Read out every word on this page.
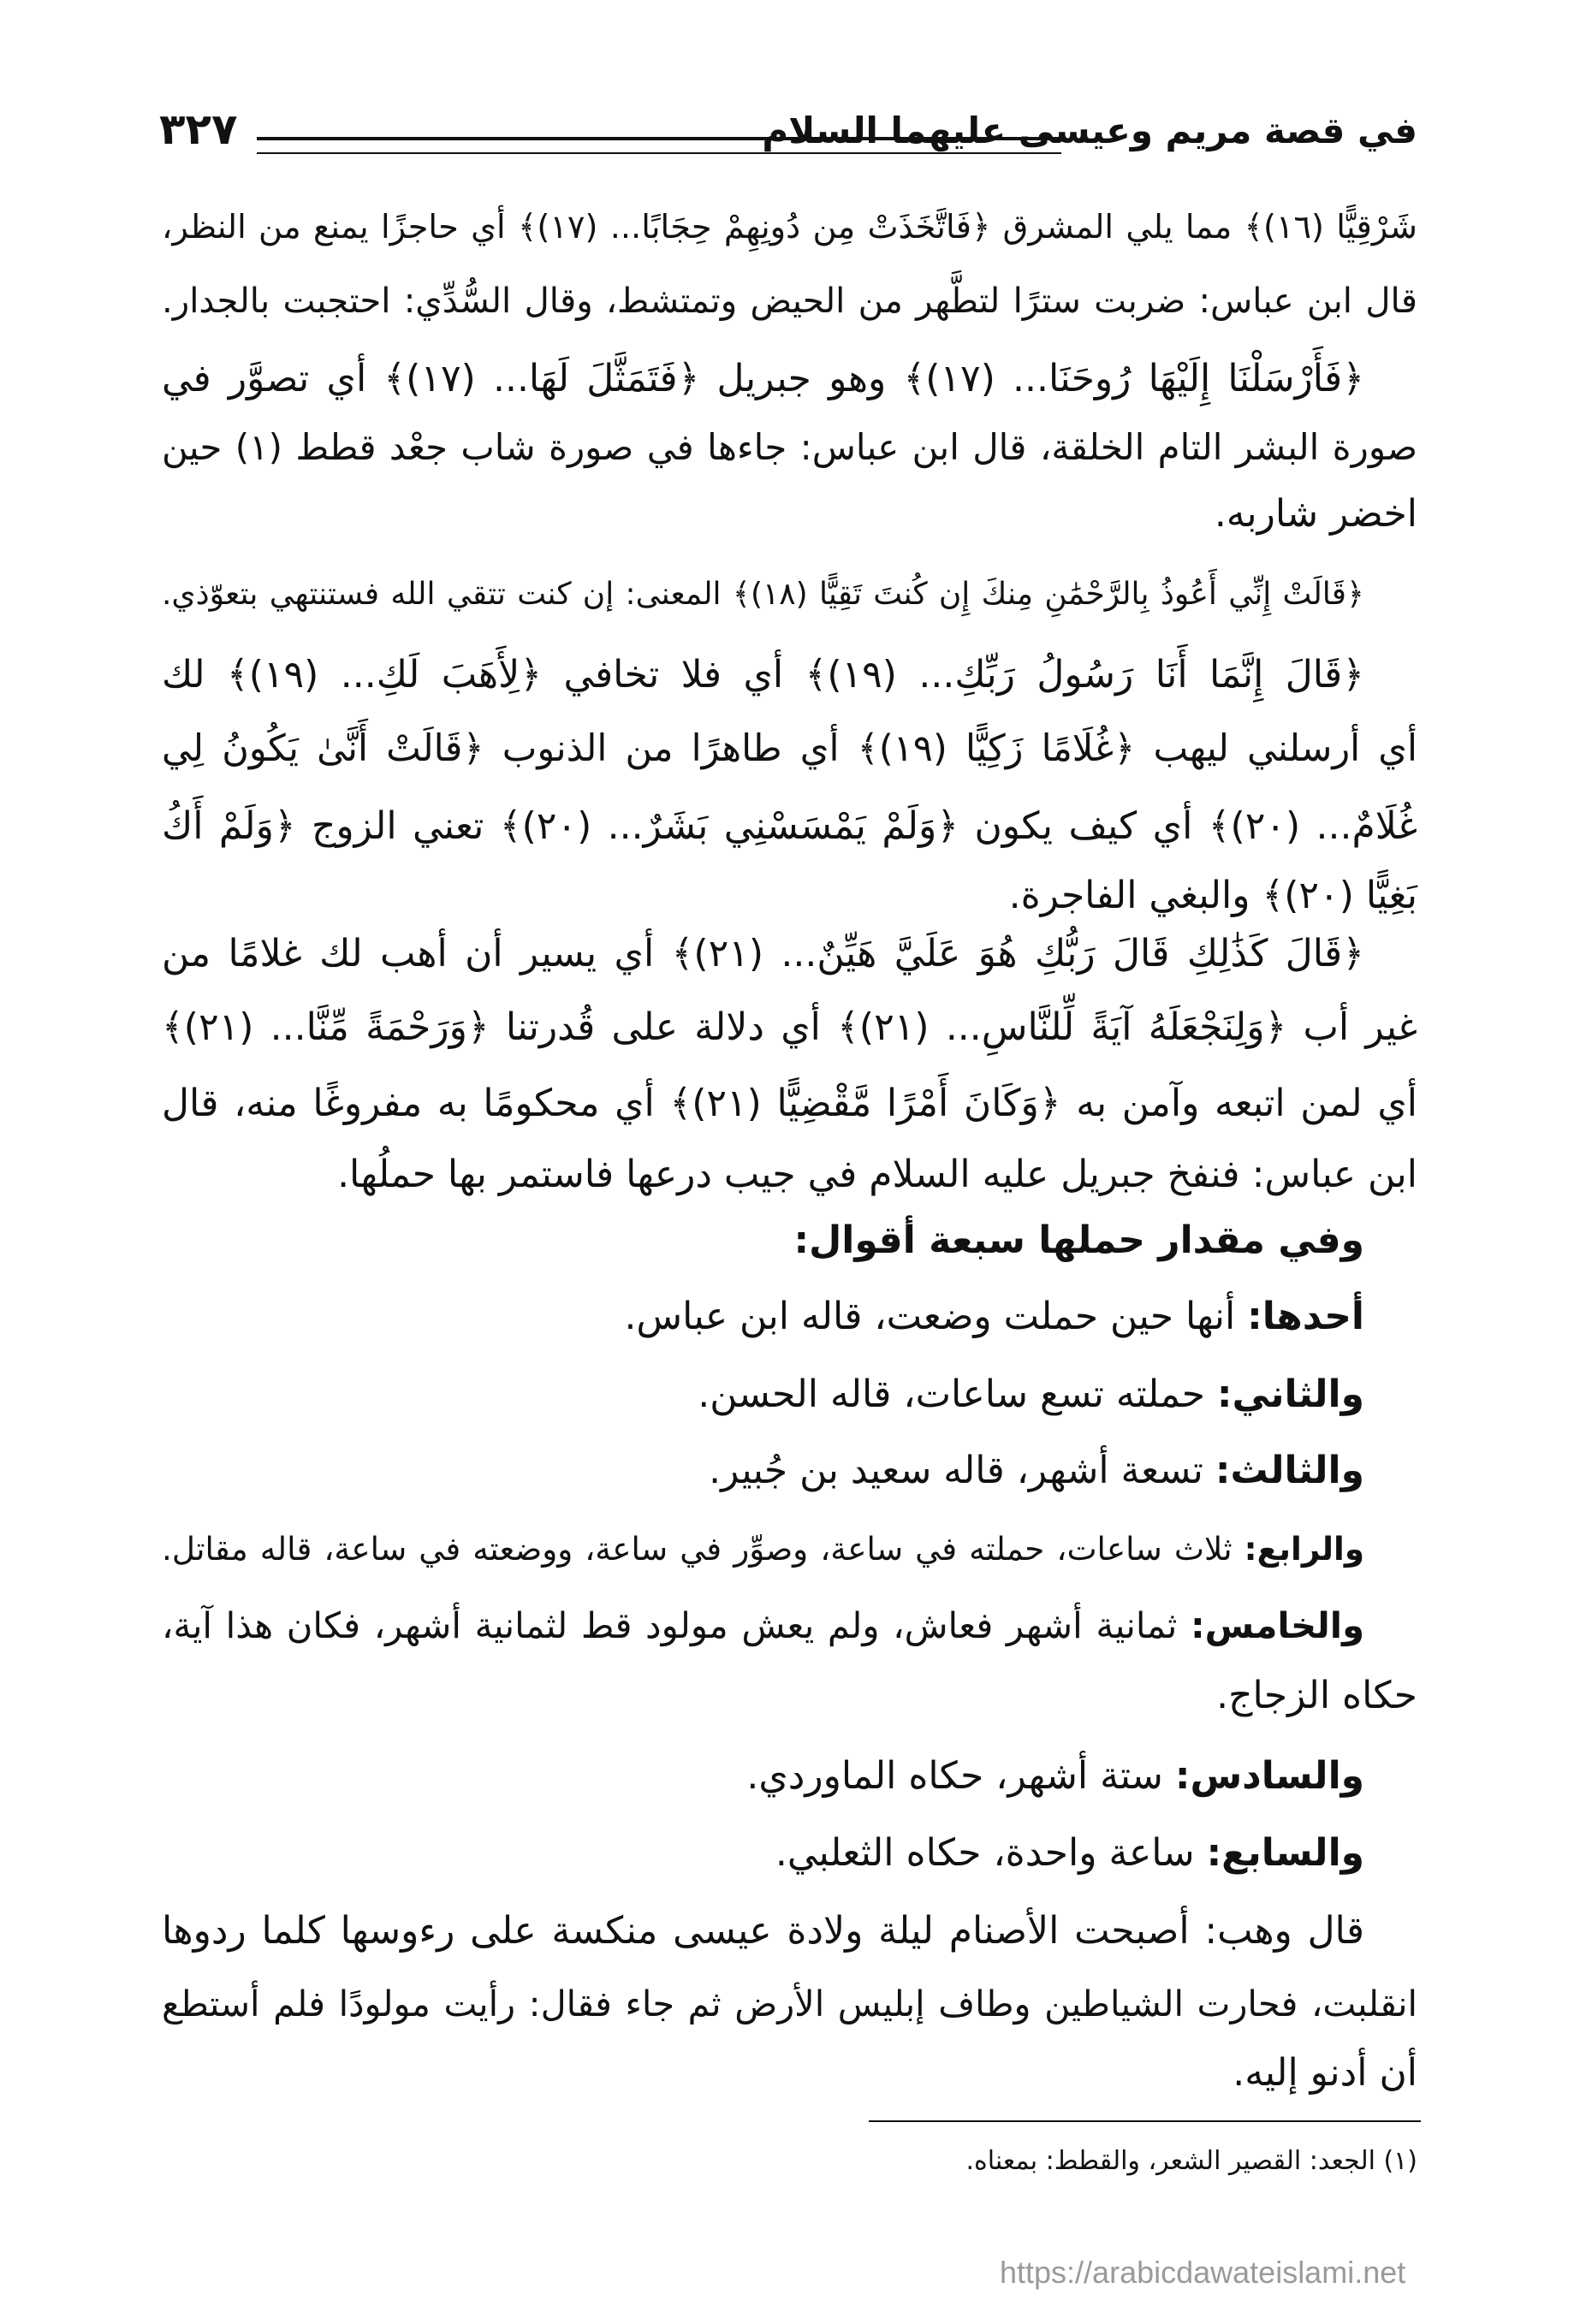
في قصة مريم وعيسى عليهما السلام
٣٢٧
شَرْقِيًّا (١٦)﴾ مما يلي المشرق ﴿فَاتَّخَذَتْ مِن دُونِهِمْ حِجَابًا... (١٧)﴾ أي حاجزًا يمنع من النظر،
قال ابن عباس: ضربت سترًا لتطَّهر من الحيض وتمتشط، وقال السُّدِّي: احتجبت بالجدار.
﴿فَأَرْسَلْنَا إِلَيْهَا رُوحَنَا... (١٧)﴾ وهو جبريل ﴿فَتَمَثَّلَ لَهَا... (١٧)﴾ أي تصوَّر في
صورة البشر التام الخلقة، قال ابن عباس: جاءها في صورة شاب جعْد قطط (١) حين
اخضر شاربه.
﴿قَالَتْ إِنِّي أَعُوذُ بِالرَّحْمَٰنِ مِنكَ إِن كُنتَ تَقِيًّا (١٨)﴾ المعنى: إن كنت تتقي الله فستنتهي بتعوّذي.
﴿قَالَ إِنَّمَا أَنَا رَسُولُ رَبِّكِ... (١٩)﴾ أي فلا تخافي ﴿لِأَهَبَ لَكِ... (١٩)﴾ لك
أي أرسلني ليهب ﴿غُلَامًا زَكِيًّا (١٩)﴾ أي طاهرًا من الذنوب ﴿قَالَتْ أَنَّىٰ يَكُونُ لِي
غُلَامٌ... (٢٠)﴾ أي كيف يكون ﴿وَلَمْ يَمْسَسْنِي بَشَرٌ... (٢٠)﴾ تعني الزوج ﴿وَلَمْ أَكُ
بَغِيًّا (٢٠)﴾ والبغي الفاجرة.
﴿قَالَ كَذَٰلِكِ قَالَ رَبُّكِ هُوَ عَلَيَّ هَيِّنٌ... (٢١)﴾ أي يسير أن أهب لك غلامًا من
غير أب ﴿وَلِنَجْعَلَهُ آيَةً لِّلنَّاسِ... (٢١)﴾ أي دلالة على قُدرتنا ﴿وَرَحْمَةً مِّنَّا... (٢١)﴾
أي لمن اتبعه وآمن به ﴿وَكَانَ أَمْرًا مَّقْضِيًّا (٢١)﴾ أي محكومًا به مفروغًا منه، قال
ابن عباس: فنفخ جبريل عليه السلام في جيب درعها فاستمر بها حملُها.
وفي مقدار حملها سبعة أقوال:
أحدها: أنها حين حملت وضعت، قاله ابن عباس.
والثاني: حملته تسع ساعات، قاله الحسن.
والثالث: تسعة أشهر، قاله سعيد بن جُبير.
والرابع: ثلاث ساعات، حملته في ساعة، وصوِّر في ساعة، ووضعته في ساعة، قاله مقاتل.
والخامس: ثمانية أشهر فعاش، ولم يعش مولود قط لثمانية أشهر، فكان هذا آية،
حكاه الزجاج.
والسادس: ستة أشهر، حكاه الماوردي.
والسابع: ساعة واحدة، حكاه الثعلبي.
قال وهب: أصبحت الأصنام ليلة ولادة عيسى منكسة على رءوسها كلما ردوها
انقلبت، فحارت الشياطين وطاف إبليس الأرض ثم جاء فقال: رأيت مولودًا فلم أستطع
أن أدنو إليه.
(١) الجعد: القصير الشعر، والقطط: بمعناه.
https://arabicdawateislami.net
